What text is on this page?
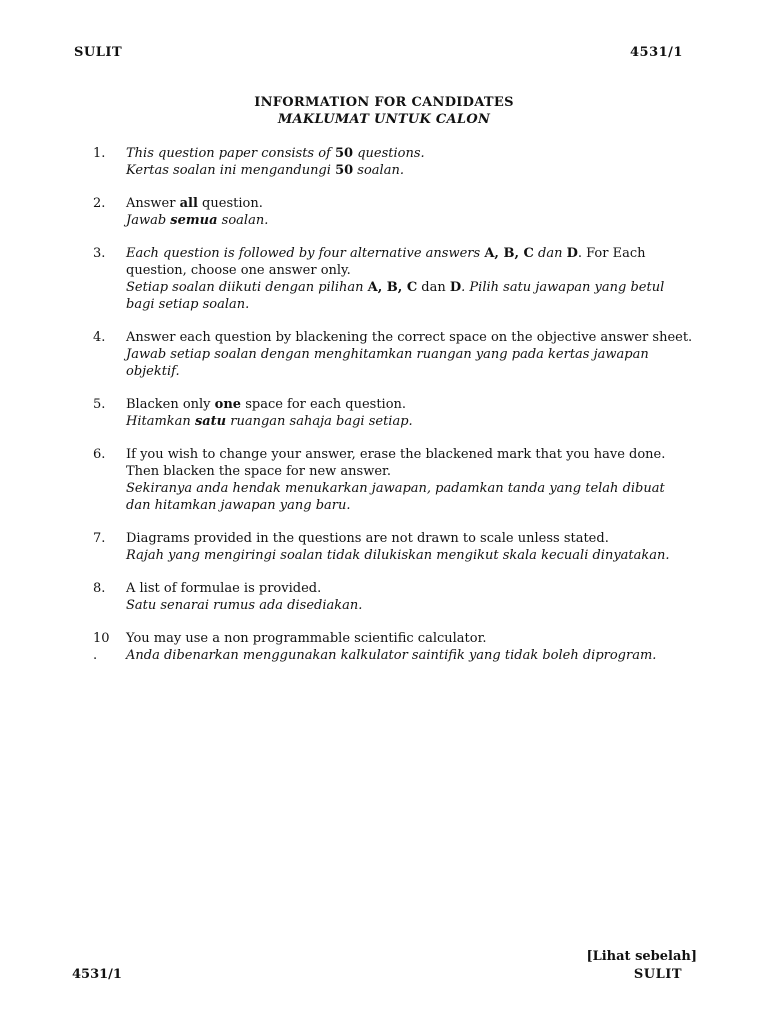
SULIT	4531/1
INFORMATION FOR CANDIDATES
MAKLUMAT UNTUK CALON
1.	This question paper consists of 50 questions.
Kertas soalan ini mengandungi 50 soalan.
2.	Answer all question.
Jawab semua soalan.
3.	Each question is followed by four alternative answers A, B, C dan D. For Each
question, choose one answer only.
Setiap soalan diikuti dengan pilihan A, B, C dan D. Pilih satu jawapan yang betul
bagi setiap soalan.
4.	Answer each question by blackening the correct space on the objective answer sheet.
Jawab setiap soalan dengan menghitamkan ruangan yang pada kertas jawapan
objektif.
5.	Blacken only one space for each question.
Hitamkan satu ruangan sahaja bagi setiap.
6.	If you wish to change your answer, erase the blackened mark that you have done.
Then blacken the space for new answer.
Sekiranya anda hendak menukarkan jawapan, padamkan tanda yang telah dibuat
dan hitamkan jawapan yang baru.
7.	Diagrams provided in the questions are not drawn to scale unless stated.
Rajah yang mengiringi soalan tidak dilukiskan mengikut skala kecuali dinyatakan.
8.	A list of formulae is provided.
Satu senarai rumus ada disediakan.
10
.
You may use a non programmable scientific calculator.
Anda dibenarkan menggunakan kalkulator saintifik yang tidak boleh diprogram.
[Lihat sebelah]
4531/1	SULIT
